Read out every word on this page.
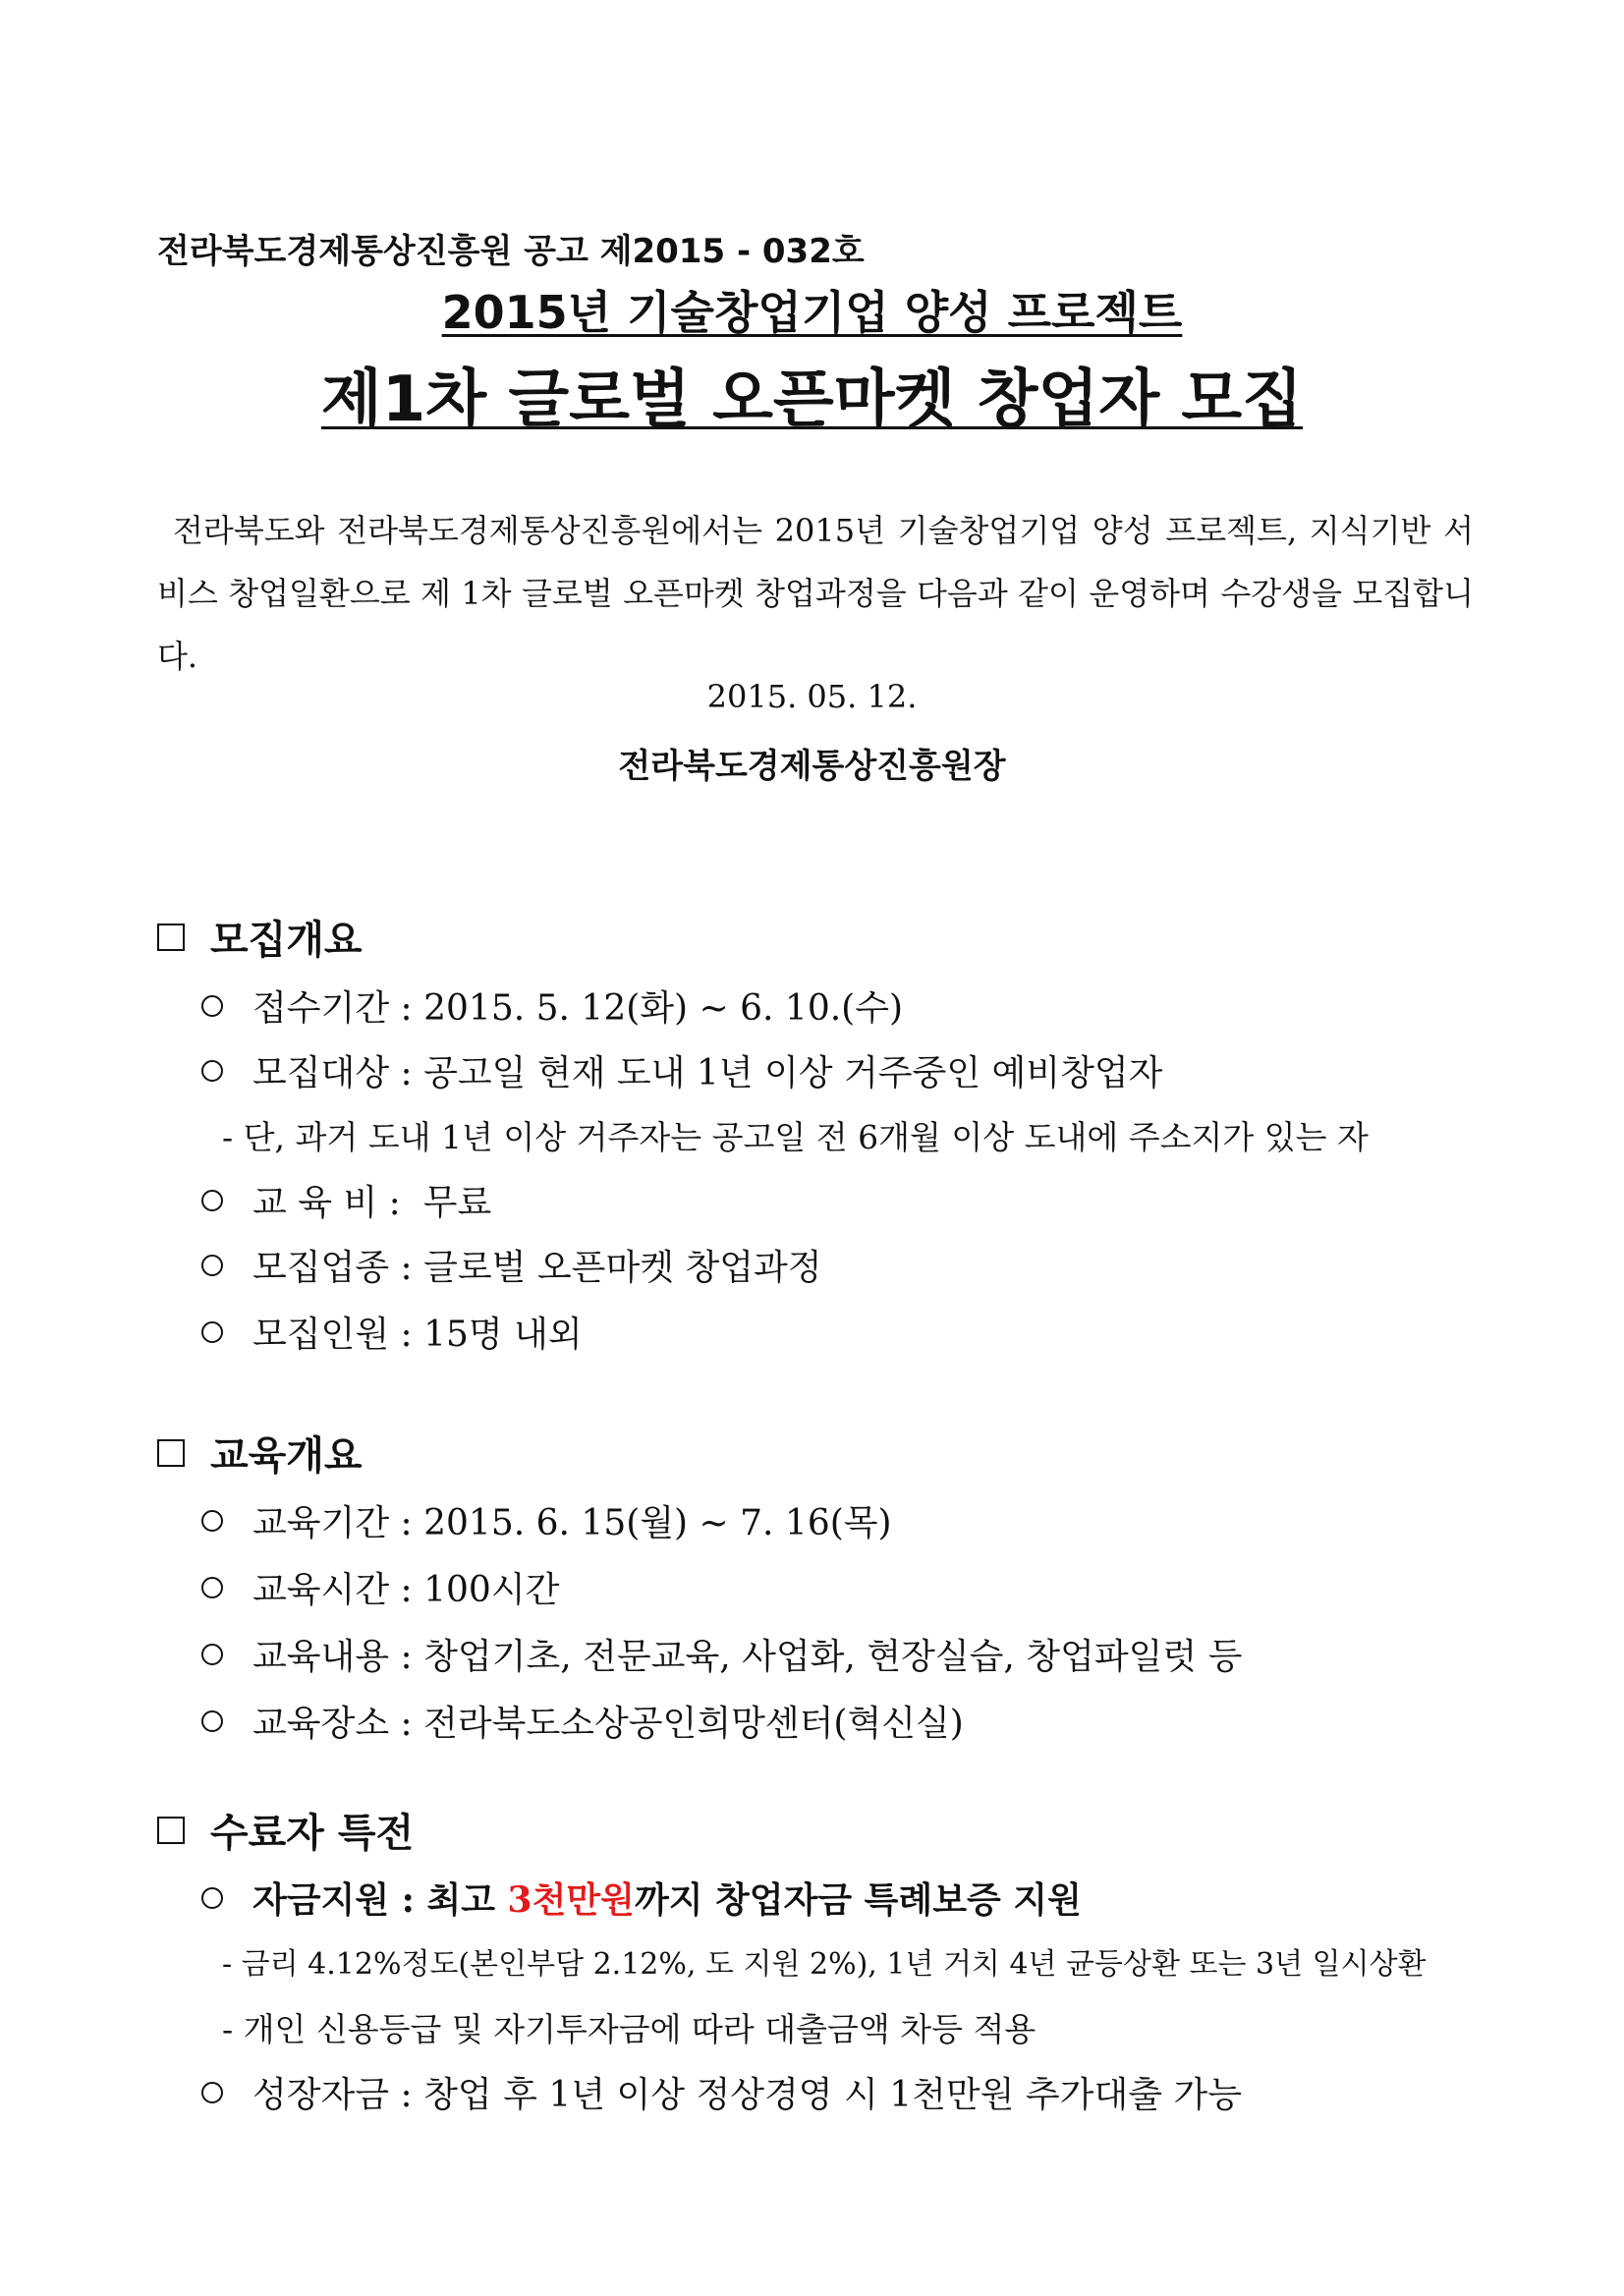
전라북도경제통상진흥원 공고 제2015 - 032호
2015년 기술창업기업 양성 프로젝트
제1차 글로벌 오픈마켓 창업자 모집
전라북도와 전라북도경제통상진흥원에서는 2015년 기술창업기업 양성 프로젝트, 지식기반 서비스 창업일환으로 제 1차 글로벌 오픈마켓 창업과정을 다음과 같이 운영하며 수강생을 모집합니다.
2015. 05. 12.
전라북도경제통상진흥원장
모집개요
접수기간 : 2015. 5. 12(화) ~ 6. 10.(수)
모집대상 : 공고일 현재 도내 1년 이상 거주중인 예비창업자
- 단, 과거 도내 1년 이상 거주자는 공고일 전 6개월 이상 도내에 주소지가 있는 자
교 육 비 :  무료
모집업종 : 글로벌 오픈마켓 창업과정
모집인원 : 15명 내외
교육개요
교육기간 : 2015. 6. 15(월) ~ 7. 16(목)
교육시간 : 100시간
교육내용 : 창업기초, 전문교육, 사업화, 현장실습, 창업파일럿 등
교육장소 : 전라북도소상공인희망센터(혁신실)
수료자 특전
자금지원 : 최고 3천만원까지 창업자금 특례보증 지원
- 금리 4.12%정도(본인부담 2.12%, 도 지원 2%), 1년 거치 4년 균등상환 또는 3년 일시상환
- 개인 신용등급 및 자기투자금에 따라 대출금액 차등 적용
성장자금 : 창업 후 1년 이상 정상경영 시 1천만원 추가대출 가능
